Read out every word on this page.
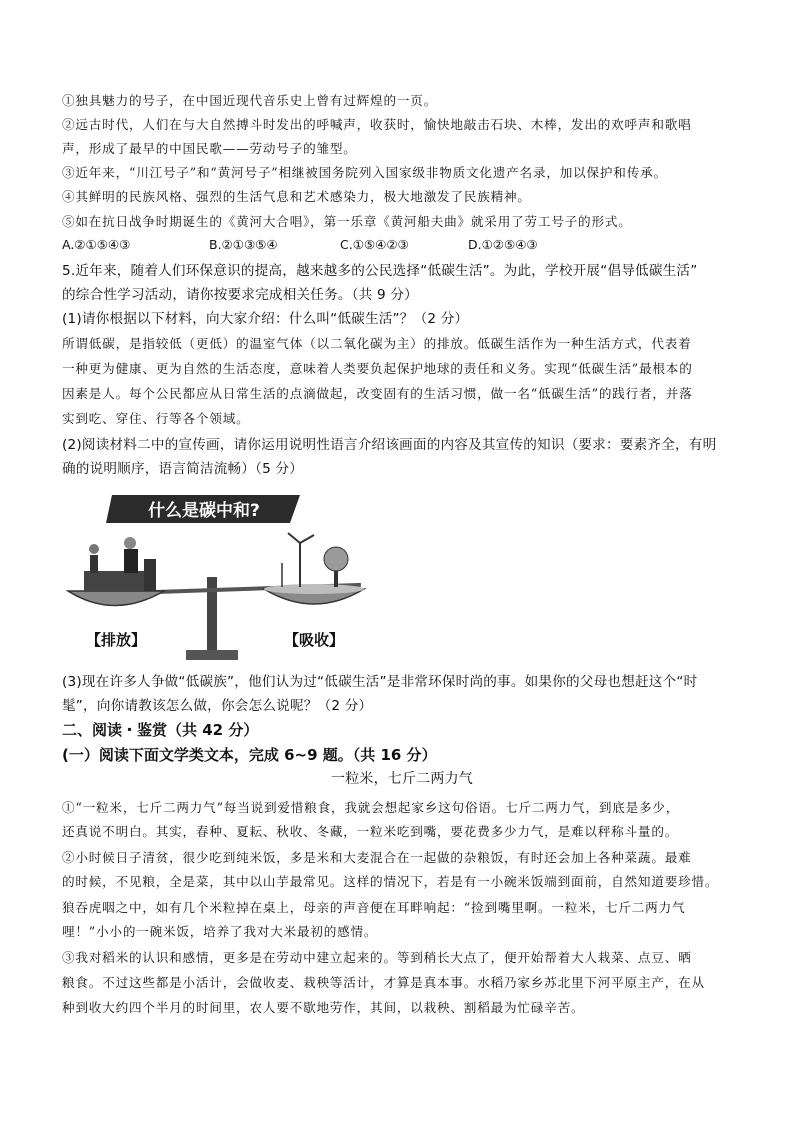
①独具魅力的号子，在中国近现代音乐史上曾有过辉煌的一页。
②远古时代，人们在与大自然搏斗时发出的呼喊声，收获时，愉快地敲击石块、木棒，发出的欢呼声和歌唱
声，形成了最早的中国民歌——劳动号子的雏型。
③近年来，“川江号子”和“黄河号子”相继被国务院列入国家级非物质文化遗产名录，加以保护和传承。
④其鲜明的民族风格、强烈的生活气息和艺术感染力，极大地激发了民族精神。
⑤如在抗日战争时期诞生的《黄河大合唱》，第一乐章《黄河船夫曲》就采用了劳工号子的形式。
A.②①⑤④③	B.②①③⑤④	C.①⑤④②③	D.①②⑤④③
5.近年来，随着人们环保意识的提高，越来越多的公民选择“低碳生活”。为此，学校开展“倡导低碳生活”
的综合性学习活动，请你按要求完成相关任务。（共 9 分）
(1)请你根据以下材料，向大家介绍：什么叫“低碳生活”？（2 分）
所谓低碳，是指较低（更低）的温室气体（以二氧化碳为主）的排放。低碳生活作为一种生活方式，代表着
一种更为健康、更为自然的生活态度，意味着人类要负起保护地球的责任和义务。实现“低碳生活”最根本的
因素是人。每个公民都应从日常生活的点滴做起，改变固有的生活习惯，做一名“低碳生活”的践行者，并落
实到吃、穿住、行等各个领域。
(2)阅读材料二中的宣传画，请你运用说明性语言介绍该画面的内容及其宣传的知识（要求：要素齐全，有明
确的说明顺序，语言简洁流畅）（5 分）
什么是碳中和?
【排放】	【吸收】
(3)现在许多人争做“低碳族”，他们认为过“低碳生活”是非常环保时尚的事。如果你的父母也想赶这个“时
髦”，向你请教该怎么做，你会怎么说呢？（2 分）
二、阅读・鉴赏（共 42 分）
(一）阅读下面文学类文本，完成 6~9 题。（共 16 分）
一粒米，七斤二两力气
①“一粒米，七斤二两力气”每当说到爱惜粮食，我就会想起家乡这句俗语。七斤二两力气，到底是多少，
还真说不明白。其实，春种、夏耘、秋收、冬藏，一粒米吃到嘴，要花费多少力气，是难以秤称斗量的。
②小时候日子清贫，很少吃到纯米饭，多是米和大麦混合在一起做的杂粮饭，有时还会加上各种菜蔬。最难
的时候，不见粮，全是菜，其中以山芋最常见。这样的情况下，若是有一小碗米饭端到面前，自然知道要珍惜。
狼吞虎咽之中，如有几个米粒掉在桌上，母亲的声音便在耳畔响起：“捡到嘴里啊。一粒米，七斤二两力气
哩！”小小的一碗米饭，培养了我对大米最初的感情。
③我对稻米的认识和感情，更多是在劳动中建立起来的。等到稍长大点了，便开始帮着大人栽菜、点豆、晒
粮食。不过这些都是小活计，会做收麦、栽秧等活计，才算是真本事。水稻乃家乡苏北里下河平原主产，在从
种到收大约四个半月的时间里，农人要不歇地劳作，其间，以栽秧、割稻最为忙碌辛苦。
